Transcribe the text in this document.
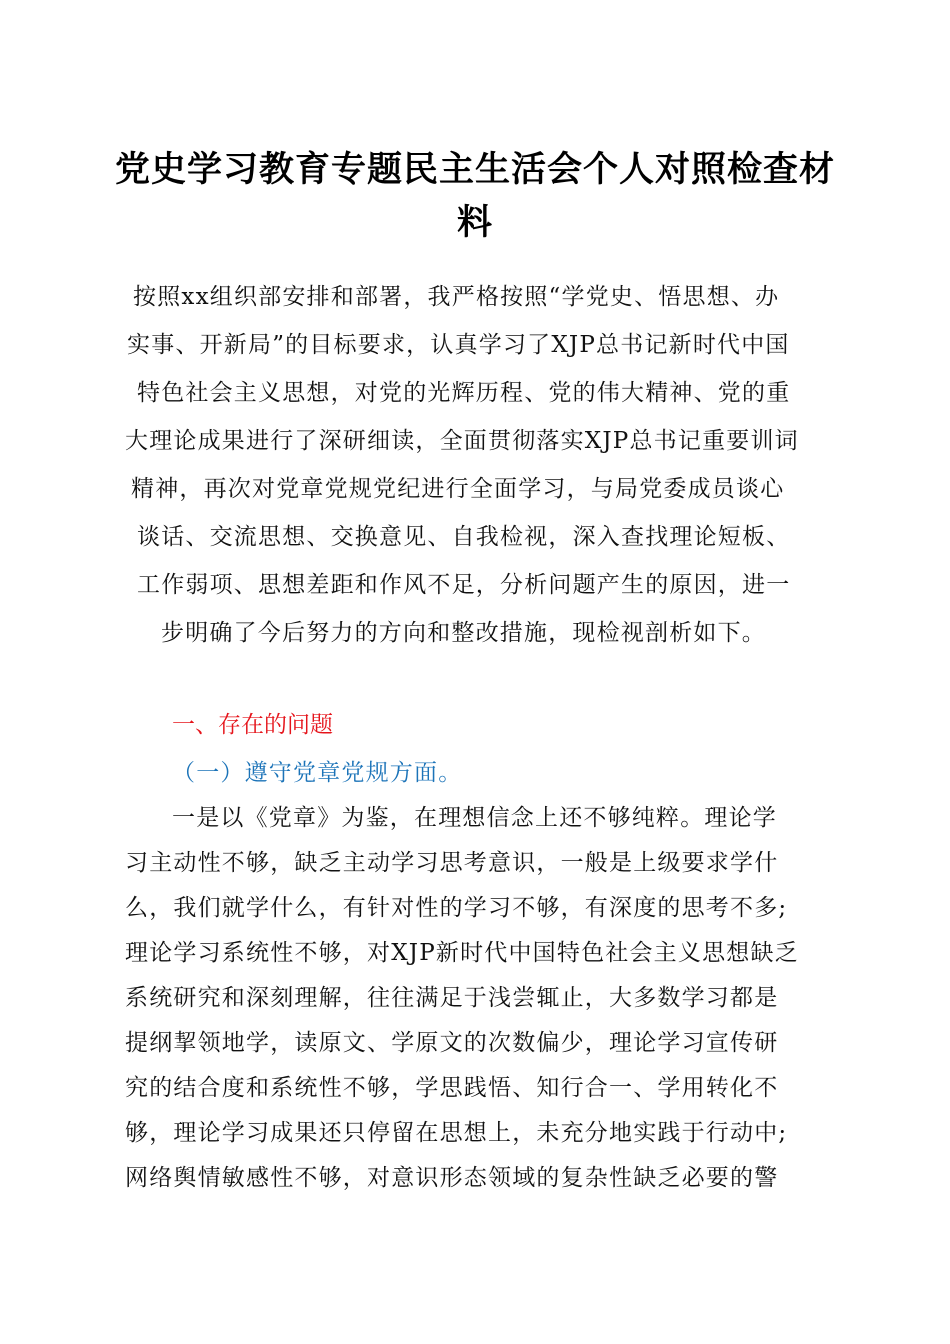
党史学习教育专题民主生活会个人对照检查材料
按照xx组织部安排和部署，我严格按照“学党史、悟思想、办
实事、开新局”的目标要求，认真学习了XJP总书记新时代中国
特色社会主义思想，对党的光辉历程、党的伟大精神、党的重
大理论成果进行了深研细读，全面贯彻落实XJP总书记重要训词
精神，再次对党章党规党纪进行全面学习，与局党委成员谈心
谈话、交流思想、交换意见、自我检视，深入查找理论短板、
工作弱项、思想差距和作风不足，分析问题产生的原因，进一
步明确了今后努力的方向和整改措施，现检视剖析如下。
一、存在的问题
（一）遵守党章党规方面。
一是以《党章》为鉴，在理想信念上还不够纯粹。理论学
习主动性不够，缺乏主动学习思考意识，一般是上级要求学什
么，我们就学什么，有针对性的学习不够，有深度的思考不多;
理论学习系统性不够，对XJP新时代中国特色社会主义思想缺乏
系统研究和深刻理解，往往满足于浅尝辄止，大多数学习都是
提纲挈领地学，读原文、学原文的次数偏少，理论学习宣传研
究的结合度和系统性不够，学思践悟、知行合一、学用转化不
够，理论学习成果还只停留在思想上，未充分地实践于行动中;
网络舆情敏感性不够，对意识形态领域的复杂性缺乏必要的警
